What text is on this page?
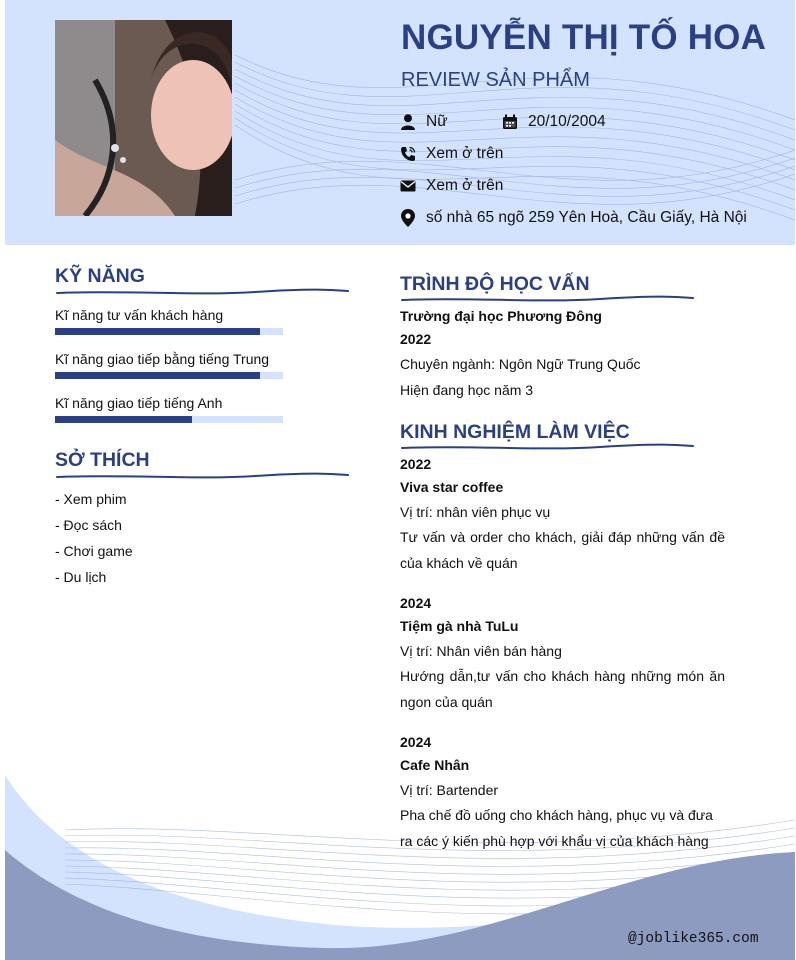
NGUYỄN THỊ TỐ HOA
REVIEW SẢN PHẨM
Nữ	20/10/2004
Xem ở trên
Xem ở trên
số nhà 65 ngõ 259 Yên Hoà, Cầu Giấy, Hà Nội
KỸ NĂNG
Kĩ năng tư vấn khách hàng
Kĩ năng giao tiếp bằng tiếng Trung
Kĩ năng giao tiếp tiếng Anh
SỞ THÍCH
- Xem phim
- Đọc sách
- Chơi game
- Du lịch
TRÌNH ĐỘ HỌC VẤN
Trường đại học Phương Đông
2022
Chuyên ngành: Ngôn Ngữ Trung Quốc
Hiện đang học năm 3
KINH NGHIỆM LÀM VIỆC
2022
Viva star coffee
Vị trí: nhân viên phục vụ
Tư vấn và order cho khách, giải đáp những vấn đề của khách về quán
2024
Tiệm gà nhà TuLu
Vị trí: Nhân viên bán hàng
Hướng dẫn,tư vấn cho khách hàng những món ăn ngon của quán
2024
Cafe Nhân
Vị trí: Bartender
Pha chế đồ uống cho khách hàng, phục vụ và đưa ra các ý kiến phù hợp với khẩu vị của khách hàng
@joblike365.com
